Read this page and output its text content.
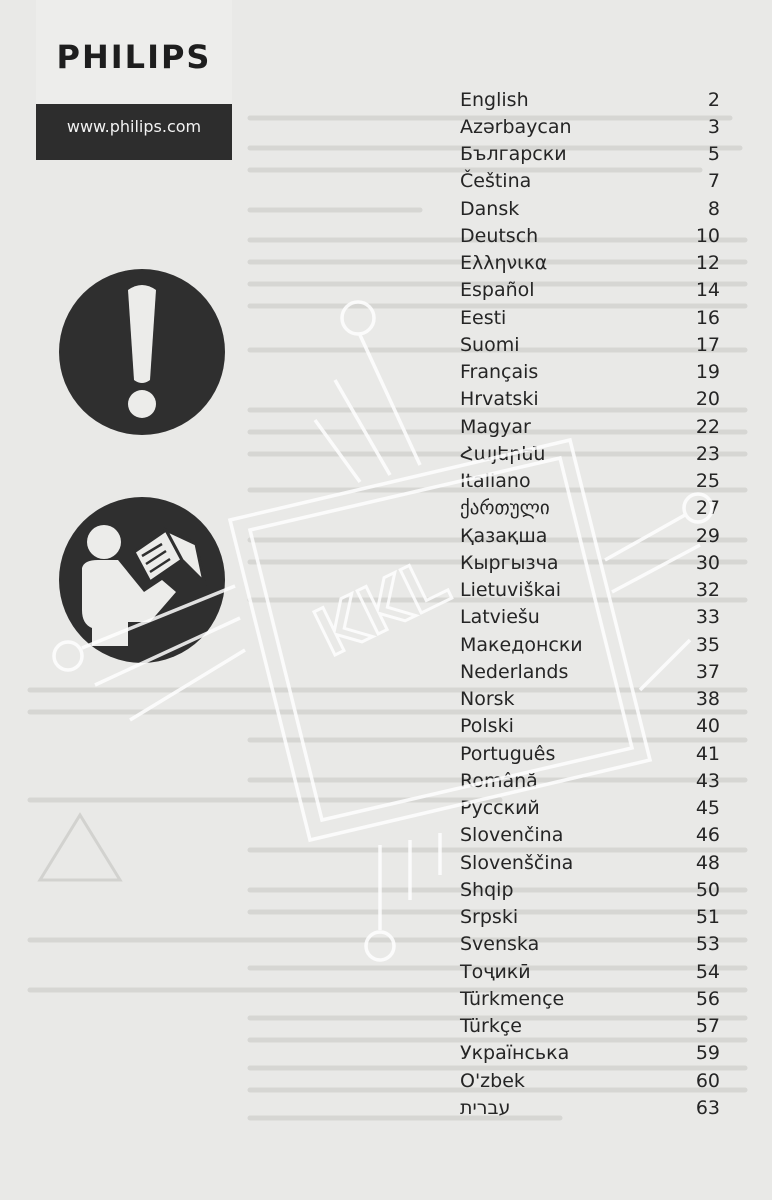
PHILIPS
www.philips.com
English	2
Azərbaycan	3
Български	5
Čeština	7
Dansk	8
Deutsch	10
Ελληνικα	12
Español	14
Eesti	16
Suomi	17
Français	19
Hrvatski	20
Magyar	22
Հայերեն	23
Italiano	25
ქართული	27
Қазақша	29
Кыргызча	30
Lietuviškai	32
Latviešu	33
Македонски	35
Nederlands	37
Norsk	38
Polski	40
Português	41
Română	43
Русский	45
Slovenčina	46
Slovenščina	48
Shqip	50
Srpski	51
Svenska	53
Тоҷикӣ	54
Türkmençe	56
Türkçe	57
Українська	59
O'zbek	60
עברית	63
